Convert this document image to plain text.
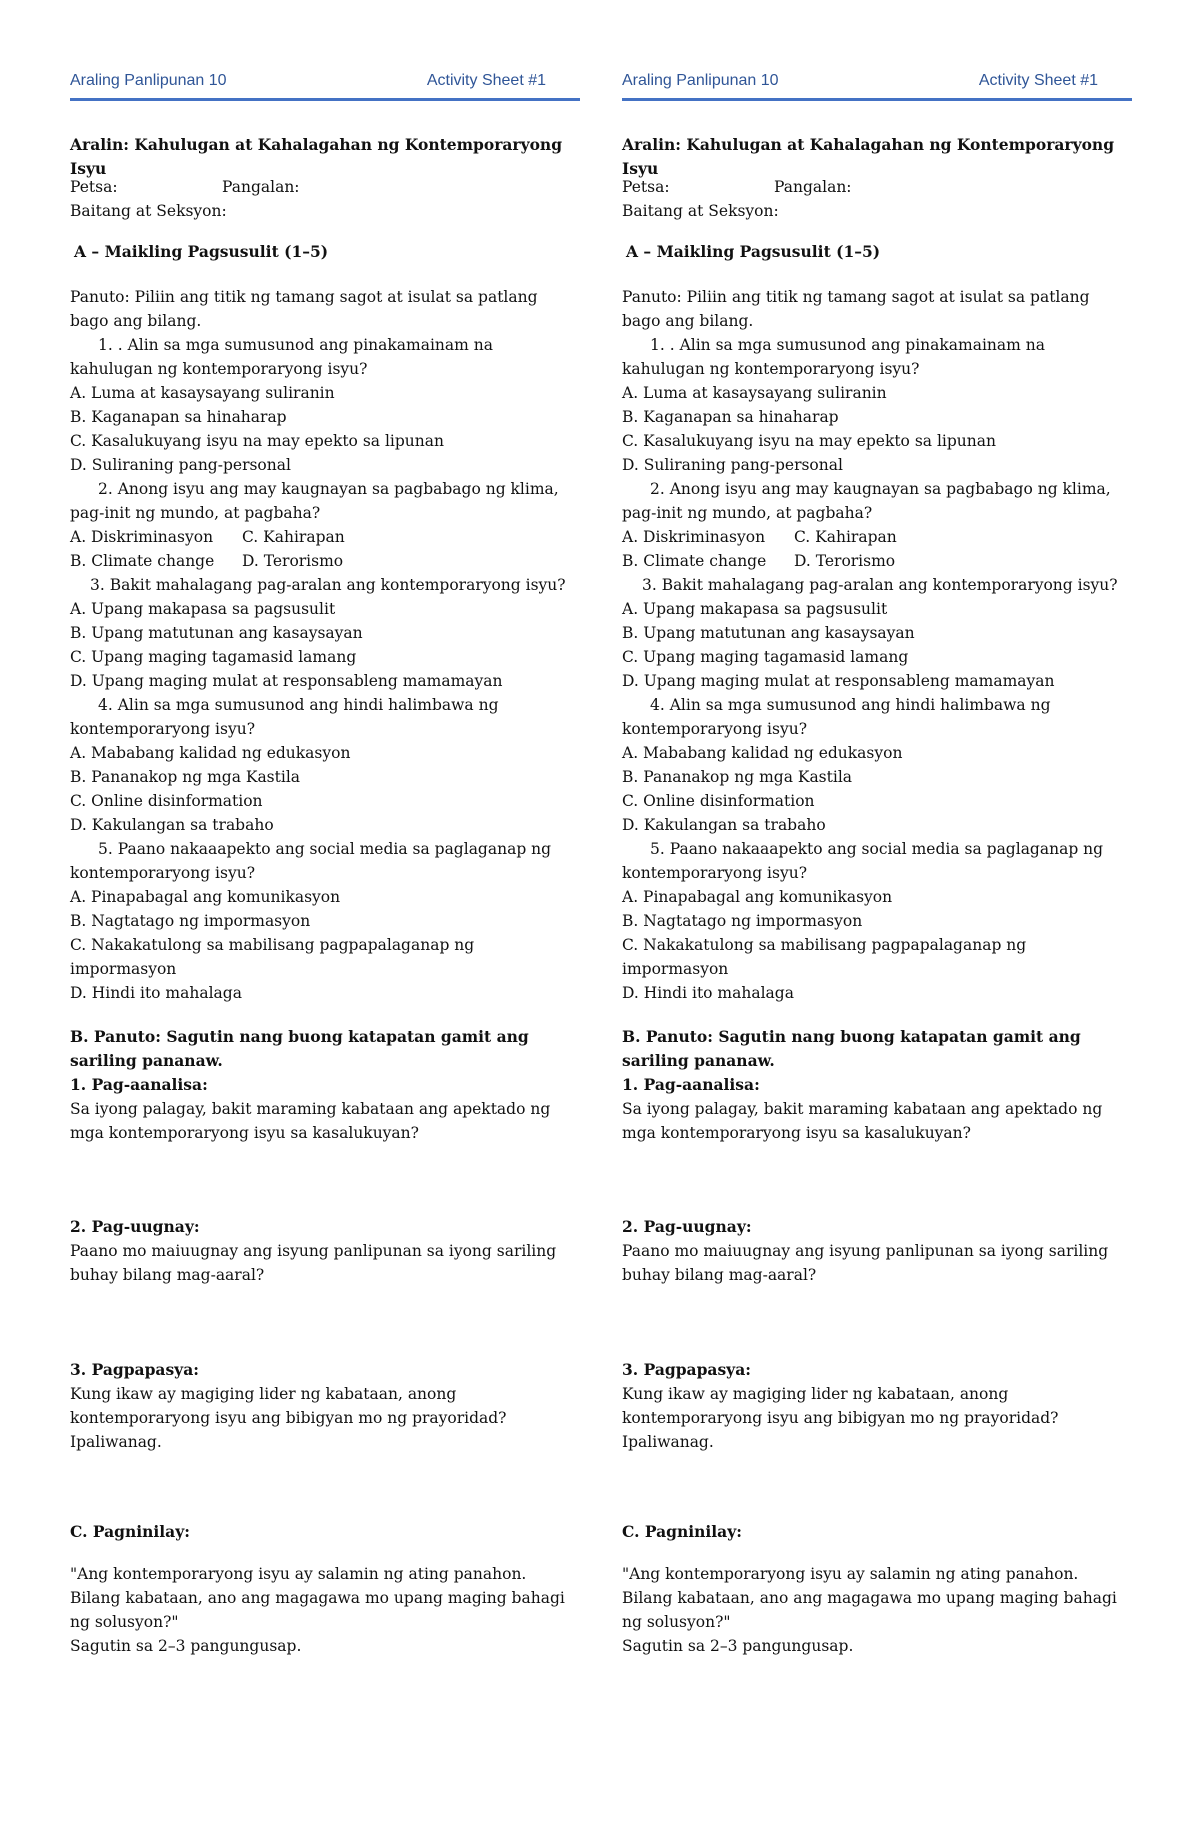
Araling Panlipunan 10	Activity Sheet #1
Aralin: Kahulugan at Kahalagahan ng Kontemporaryong Isyu
Petsa:	Pangalan:
Baitang at Seksyon:
A – Maikling Pagsusulit (1–5)

Panuto: Piliin ang titik ng tamang sagot at isulat sa patlang bago ang bilang.

1. . Alin sa mga sumusunod ang pinakamainam na kahulugan ng kontemporaryong isyu?

A. Luma at kasaysayang suliranin

B. Kaganapan sa hinaharap

C. Kasalukuyang isyu na may epekto sa lipunan

D. Suliraning pang-personal

2. Anong isyu ang may kaugnayan sa pagbabago ng klima, pag-init ng mundo, at pagbaha?

A. Diskriminasyon	C. Kahirapan
B. Climate change	D. Terorismo

3. Bakit mahalagang pag-aralan ang kontemporaryong isyu?

A. Upang makapasa sa pagsusulit

B. Upang matutunan ang kasaysayan

C. Upang maging tagamasid lamang

D. Upang maging mulat at responsableng mamamayan

4. Alin sa mga sumusunod ang hindi halimbawa ng kontemporaryong isyu?

A. Mababang kalidad ng edukasyon

B. Pananakop ng mga Kastila

C. Online disinformation

D. Kakulangan sa trabaho

5. Paano nakaaapekto ang social media sa paglaganap ng kontemporaryong isyu?

A. Pinapabagal ang komunikasyon

B. Nagtatago ng impormasyon

C. Nakakatulong sa mabilisang pagpapalaganap ng impormasyon

D. Hindi ito mahalaga

B. Panuto: Sagutin nang buong katapatan gamit ang sariling pananaw.

1. Pag-aanalisa:

Sa iyong palagay, bakit maraming kabataan ang apektado ng mga kontemporaryong isyu sa kasalukuyan?

2. Pag-uugnay:

Paano mo maiuugnay ang isyung panlipunan sa iyong sariling buhay bilang mag-aaral?

3. Pagpapasya:

Kung ikaw ay magiging lider ng kabataan, anong kontemporaryong isyu ang bibigyan mo ng prayoridad?

Ipaliwanag.

C. Pagninilay:

"Ang kontemporaryong isyu ay salamin ng ating panahon. Bilang kabataan, ano ang magagawa mo upang maging bahagi ng solusyon?"

Sagutin sa 2–3 pangungusap.

Araling Panlipunan 10	Activity Sheet #1
Aralin: Kahulugan at Kahalagahan ng Kontemporaryong Isyu
Petsa:	Pangalan:
Baitang at Seksyon:
A – Maikling Pagsusulit (1–5)

Panuto: Piliin ang titik ng tamang sagot at isulat sa patlang bago ang bilang.

1. . Alin sa mga sumusunod ang pinakamainam na kahulugan ng kontemporaryong isyu?

A. Luma at kasaysayang suliranin

B. Kaganapan sa hinaharap

C. Kasalukuyang isyu na may epekto sa lipunan

D. Suliraning pang-personal

2. Anong isyu ang may kaugnayan sa pagbabago ng klima, pag-init ng mundo, at pagbaha?

A. Diskriminasyon	C. Kahirapan
B. Climate change	D. Terorismo

3. Bakit mahalagang pag-aralan ang kontemporaryong isyu?

A. Upang makapasa sa pagsusulit

B. Upang matutunan ang kasaysayan

C. Upang maging tagamasid lamang

D. Upang maging mulat at responsableng mamamayan

4. Alin sa mga sumusunod ang hindi halimbawa ng kontemporaryong isyu?

A. Mababang kalidad ng edukasyon

B. Pananakop ng mga Kastila

C. Online disinformation

D. Kakulangan sa trabaho

5. Paano nakaaapekto ang social media sa paglaganap ng kontemporaryong isyu?

A. Pinapabagal ang komunikasyon

B. Nagtatago ng impormasyon

C. Nakakatulong sa mabilisang pagpapalaganap ng impormasyon

D. Hindi ito mahalaga

B. Panuto: Sagutin nang buong katapatan gamit ang sariling pananaw.

1. Pag-aanalisa:

Sa iyong palagay, bakit maraming kabataan ang apektado ng mga kontemporaryong isyu sa kasalukuyan?

2. Pag-uugnay:

Paano mo maiuugnay ang isyung panlipunan sa iyong sariling buhay bilang mag-aaral?

3. Pagpapasya:

Kung ikaw ay magiging lider ng kabataan, anong kontemporaryong isyu ang bibigyan mo ng prayoridad?

Ipaliwanag.

C. Pagninilay:

"Ang kontemporaryong isyu ay salamin ng ating panahon. Bilang kabataan, ano ang magagawa mo upang maging bahagi ng solusyon?"

Sagutin sa 2–3 pangungusap.
